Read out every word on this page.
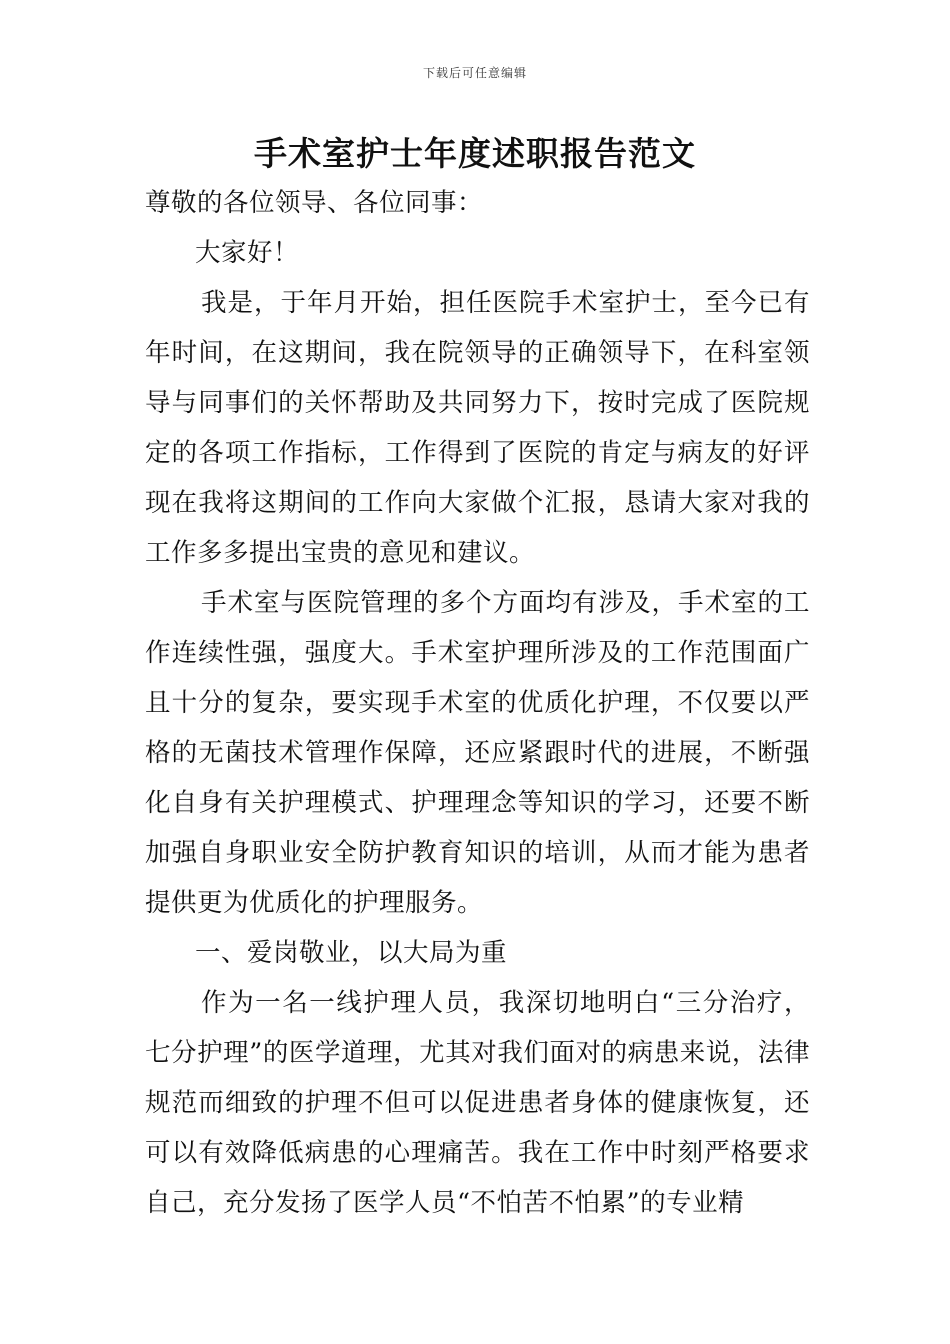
下载后可任意编辑
手术室护士年度述职报告范文

尊敬的各位领导、各位同事：

大家好！

我是，于年月开始，担任医院手术室护士，至今已有年时间，在这期间，我在院领导的正确领导下，在科室领导与同事们的关怀帮助及共同努力下，按时完成了医院规定的各项工作指标，工作得到了医院的肯定与病友的好评现在我将这期间的工作向大家做个汇报，恳请大家对我的工作多多提出宝贵的意见和建议。

手术室与医院管理的多个方面均有涉及，手术室的工作连续性强，强度大。手术室护理所涉及的工作范围面广且十分的复杂，要实现手术室的优质化护理，不仅要以严格的无菌技术管理作保障，还应紧跟时代的进展，不断强化自身有关护理模式、护理理念等知识的学习，还要不断加强自身职业安全防护教育知识的培训，从而才能为患者提供更为优质化的护理服务。

一、爱岗敬业，以大局为重

作为一名一线护理人员，我深切地明白“三分治疗，七分护理”的医学道理，尤其对我们面对的病患来说，法律规范而细致的护理不但可以促进患者身体的健康恢复，还可以有效降低病患的心理痛苦。我在工作中时刻严格要求自己，充分发扬了医学人员“不怕苦不怕累”的专业精
